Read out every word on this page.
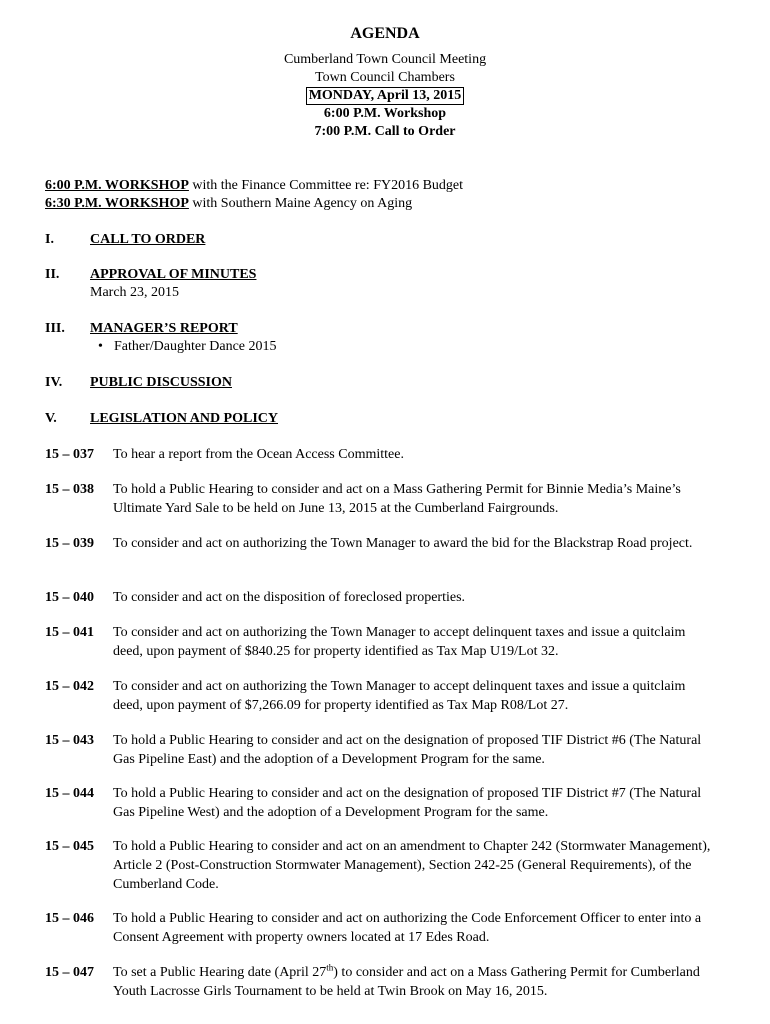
AGENDA
Cumberland Town Council Meeting
Town Council Chambers
MONDAY, April 13, 2015
6:00 P.M. Workshop
7:00 P.M. Call to Order
6:00 P.M. WORKSHOP with the Finance Committee re: FY2016 Budget
6:30 P.M. WORKSHOP with Southern Maine Agency on Aging
I.	CALL TO ORDER
II. APPROVAL OF MINUTES
March 23, 2015
III. MANAGER’S REPORT
• Father/Daughter Dance 2015
IV. PUBLIC DISCUSSION
V. LEGISLATION AND POLICY
15 – 037 To hear a report from the Ocean Access Committee.
15 – 038 To hold a Public Hearing to consider and act on a Mass Gathering Permit for Binnie Media’s Maine’s Ultimate Yard Sale to be held on June 13, 2015 at the Cumberland Fairgrounds.
15 – 039 To consider and act on authorizing the Town Manager to award the bid for the Blackstrap Road project.
15 – 040 To consider and act on the disposition of foreclosed properties.
15 – 041 To consider and act on authorizing the Town Manager to accept delinquent taxes and issue a quitclaim deed, upon payment of $840.25 for property identified as Tax Map U19/Lot 32.
15 – 042 To consider and act on authorizing the Town Manager to accept delinquent taxes and issue a quitclaim deed, upon payment of $7,266.09 for property identified as Tax Map R08/Lot 27.
15 – 043 To hold a Public Hearing to consider and act on the designation of proposed TIF District #6 (The Natural Gas Pipeline East) and the adoption of a Development Program for the same.
15 – 044 To hold a Public Hearing to consider and act on the designation of proposed TIF District #7 (The Natural Gas Pipeline West) and the adoption of a Development Program for the same.
15 – 045 To hold a Public Hearing to consider and act on an amendment to Chapter 242 (Stormwater Management), Article 2 (Post-Construction Stormwater Management), Section 242-25 (General Requirements), of the Cumberland Code.
15 – 046 To hold a Public Hearing to consider and act on authorizing the Code Enforcement Officer to enter into a Consent Agreement with property owners located at 17 Edes Road.
15 – 047 To set a Public Hearing date (April 27th) to consider and act on a Mass Gathering Permit for Cumberland Youth Lacrosse Girls Tournament to be held at Twin Brook on May 16, 2015.
